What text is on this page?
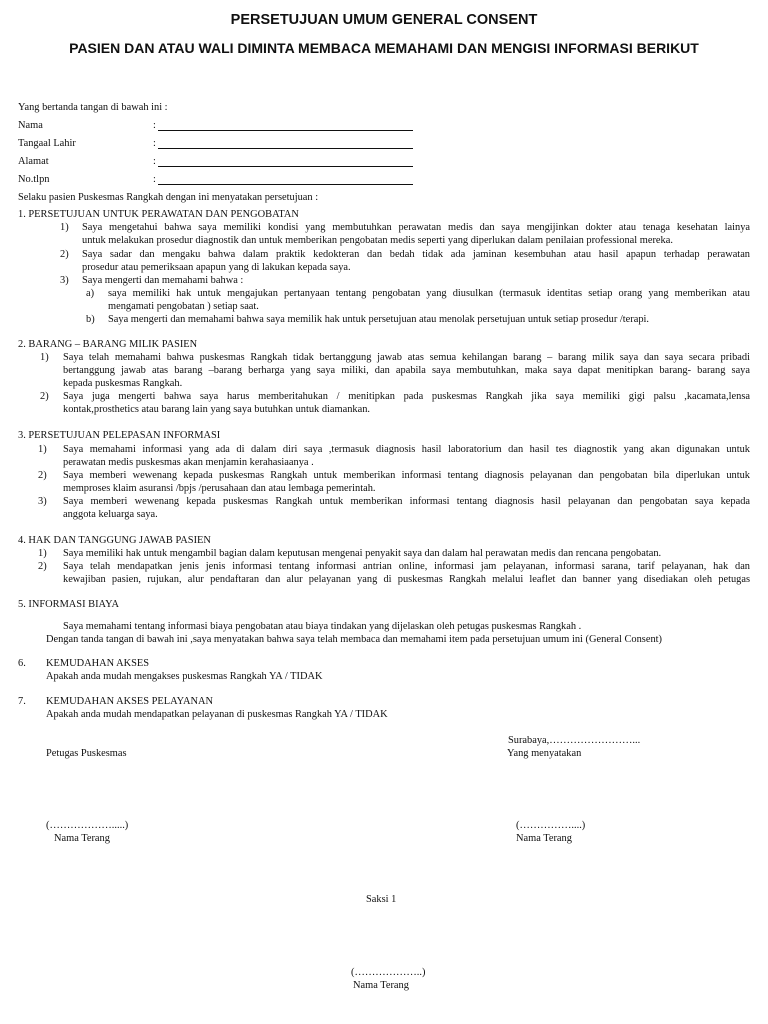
PERSETUJUAN UMUM GENERAL CONSENT
PASIEN DAN ATAU WALI DIMINTA MEMBACA MEMAHAMI DAN MENGISI INFORMASI BERIKUT
Yang bertanda tangan di bawah ini :
Nama	:
Tangaal Lahir	:
Alamat	:
No.tlpn	:
Selaku pasien Puskesmas Rangkah dengan ini menyatakan persetujuan :
1. PERSETUJUAN UNTUK PERAWATAN DAN PENGOBATAN
1) Saya mengetahui bahwa saya memiliki kondisi yang membutuhkan perawatan medis dan saya mengijinkan dokter atau tenaga kesehatan lainya
untuk melakukan prosedur diagnostik dan untuk memberikan pengobatan medis seperti yang diperlukan dalam penilaian professional mereka.
2) Saya sadar dan mengaku bahwa dalam praktik kedokteran dan bedah tidak ada jaminan kesembuhan atau hasil apapun terhadap perawatan
prosedur atau pemeriksaan apapun yang di lakukan kepada saya.
3) Saya mengerti dan memahami bahwa :
a) saya memiliki hak untuk mengajukan pertanyaan tentang pengobatan yang diusulkan (termasuk identitas setiap orang yang memberikan atau
mengamati pengobatan ) setiap saat.
b) Saya mengerti dan memahami bahwa saya memilik hak untuk persetujuan atau menolak persetujuan untuk setiap prosedur /terapi.
2. BARANG – BARANG MILIK PASIEN
1) Saya telah memahami bahwa puskesmas Rangkah tidak bertanggung jawab atas semua kehilangan barang – barang milik saya dan saya secara pribadi
bertanggung jawab atas barang –barang berharga yang saya miliki, dan apabila saya membutuhkan, maka saya dapat menitipkan barang- barang saya
kepada puskesmas Rangkah.
2) Saya juga mengerti bahwa saya harus memberitahukan / menitipkan pada puskesmas Rangkah jika saya memiliki gigi palsu ,kacamata,lensa
kontak,prosthetics atau barang lain yang saya butuhkan untuk diamankan.
3. PERSETUJUAN PELEPASAN INFORMASI
1) Saya memahami informasi yang ada di dalam diri saya ,termasuk diagnosis hasil laboratorium dan hasil tes diagnostik yang akan digunakan untuk
perawatan medis puskesmas akan menjamin kerahasiaanya .
2) Saya memberi wewenang kepada puskesmas Rangkah untuk memberikan informasi tentang diagnosis pelayanan dan pengobatan bila diperlukan untuk
memproses klaim asuransi /bpjs /perusahaan dan atau lembaga pemerintah.
3) Saya memberi wewenang kepada puskesmas Rangkah untuk memberikan informasi tentang diagnosis hasil pelayanan dan pengobatan saya kepada
anggota keluarga saya.
4. HAK DAN TANGGUNG JAWAB PASIEN
1) Saya memiliki hak untuk mengambil bagian dalam keputusan mengenai penyakit saya dan dalam hal perawatan medis dan rencana pengobatan.
2) Saya telah mendapatkan jenis jenis informasi tentang informasi antrian online, informasi jam pelayanan, informasi sarana, tarif pelayanan, hak dan
kewajiban pasien, rujukan, alur pendaftaran dan alur pelayanan yang di puskesmas Rangkah melalui leaflet dan banner yang disediakan oleh petugas
5. INFORMASI BIAYA
Saya memahami tentang informasi biaya pengobatan atau biaya tindakan yang dijelaskan oleh petugas puskesmas Rangkah .
Dengan tanda tangan di bawah ini ,saya menyatakan bahwa saya telah membaca dan memahami item pada persetujuan umum ini (General Consent)
6. KEMUDAHAN AKSES
Apakah anda mudah mengakses puskesmas Rangkah YA / TIDAK
7. KEMUDAHAN AKSES PELAYANAN
Apakah anda mudah mendapatkan pelayanan di puskesmas Rangkah YA / TIDAK
Surabaya,……………………...
Petugas Puskesmas	Yang menyatakan
(……………….....)
Nama Terang
(……………....)
Nama Terang
Saksi 1
(………………..)
Nama Terang
